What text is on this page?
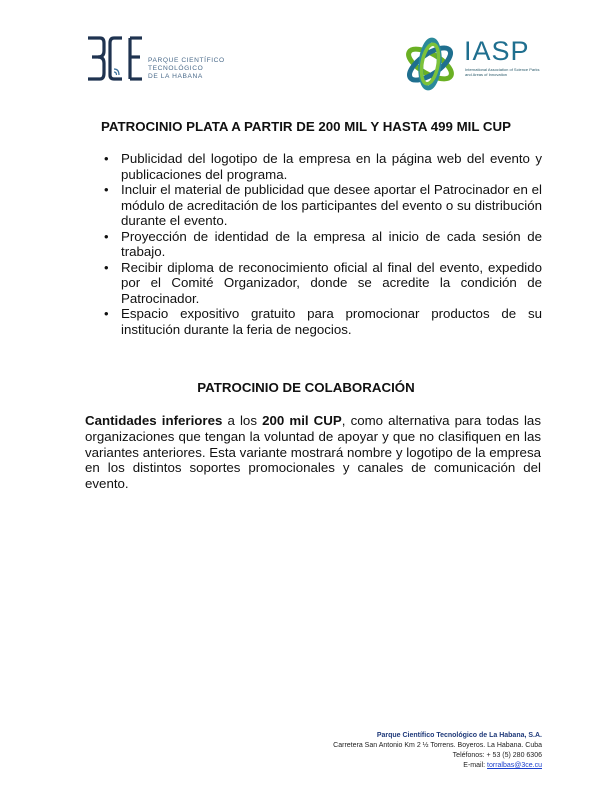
PARQUE CIENTÍFICO
TECNOLÓGICO
DE LA HABANA
IASP
International Association of Science Parks
and Areas of Innovation
PATROCINIO PLATA A PARTIR DE 200 MIL Y HASTA 499 MIL CUP
• Publicidad del logotipo de la empresa en la página web del evento y publicaciones del programa.
• Incluir el material de publicidad que desee aportar el Patrocinador en el módulo de acreditación de los participantes del evento o su distribución durante el evento.
• Proyección de identidad de la empresa al inicio de cada sesión de trabajo.
• Recibir diploma de reconocimiento oficial al final del evento, expedido por el Comité Organizador, donde se acredite la condición de Patrocinador.
• Espacio expositivo gratuito para promocionar productos de su institución durante la feria de negocios.
PATROCINIO DE COLABORACIÓN
Cantidades inferiores a los 200 mil CUP, como alternativa para todas las organizaciones que tengan la voluntad de apoyar y que no clasifiquen en las variantes anteriores. Esta variante mostrará nombre y logotipo de la empresa en los distintos soportes promocionales y canales de comunicación del evento.
Parque Científico Tecnológico de La Habana, S.A.
Carretera San Antonio Km 2 ½ Torrens. Boyeros. La Habana. Cuba
Teléfonos: + 53 (5) 280 6306
E-mail: torralbas@3ce.cu
